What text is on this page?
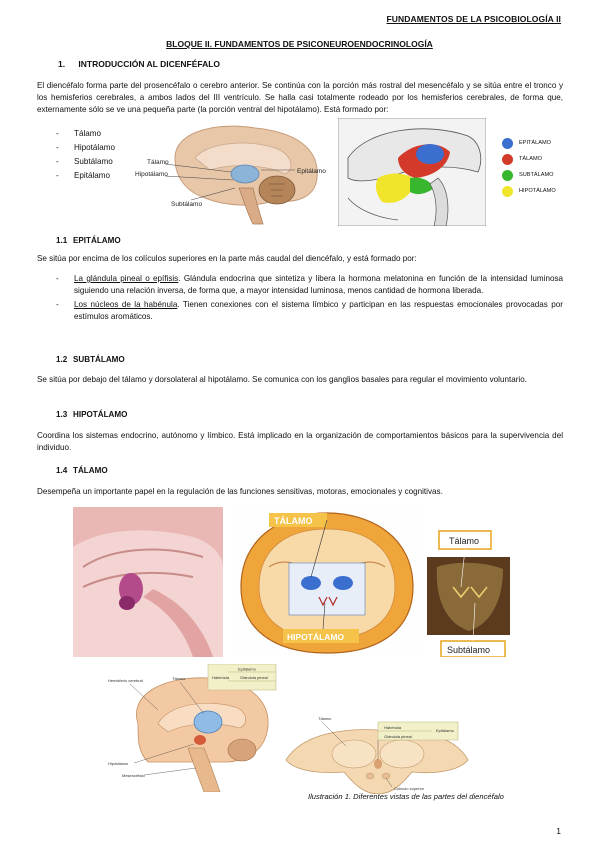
FUNDAMENTOS DE LA PSICOBIOLOGÍA II
BLOQUE II. FUNDAMENTOS DE PSICONEUROENDOCRINOLOGÍA
1. INTRODUCCIÓN AL DICENFÉFALO

El diencéfalo forma parte del prosencéfalo o cerebro anterior. Se continúa con la porción más rostral del mesencéfalo y se sitúa entre el tronco y los hemisferios cerebrales, a ambos lados del III ventrículo. Se halla casi totalmente rodeado por los hemisferios cerebrales, de forma que, externamente sólo se ve una pequeña parte (la porción ventral del hipotálamo). Está formado por:

-	Tálamo
-	Hipotálamo
-	Subtálamo
-	Epitálamo
Tálamo
Hipotálamo	Epitálamo
Subtálamo
EPITÁLAMO
TÁLAMO
SUBTÁLAMO
HIPOTÁLAMO
1.1 EPITÁLAMO

Se sitúa por encima de los colículos superiores en la parte más caudal del diencéfalo, y está formado por:

-	La glándula pineal o epífisis. Glándula endocrina que sintetiza y libera la hormona melatonina en función de la intensidad luminosa siguiendo una relación inversa, de forma que, a mayor intensidad luminosa, menos cantidad de hormona liberada.
-	Los núcleos de la habénula. Tienen conexiones con el sistema límbico y participan en las respuestas emocionales provocadas por estímulos aromáticos.
1.2 SUBTÁLAMO

Se sitúa por debajo del tálamo y dorsolateral al hipotálamo. Se comunica con los ganglios basales para regular el movimiento voluntario.

1.3 HIPOTÁLAMO

Coordina los sistemas endocrino, autónomo y límbico. Está implicado en la organización de comportamientos básicos para la supervivencia del individuo.

1.4 TÁLAMO

Desempeña un importante papel en la regulación de las funciones sensitivas, motoras, emocionales y cognitivas.

TÁLAMO
HIPOTÁLAMO
Tálamo
Subtálamo
Epitálamo
Habénula	Glándula pineal
Hemisferio cerebral	Tálamo
Hipotálamo
Mesencéfalo
Tálamo
Habénula
Epitálamo
Glándula pineal
Colículo superior
Ilustración 1. Diferentes vistas de las partes del diencéfalo
1
